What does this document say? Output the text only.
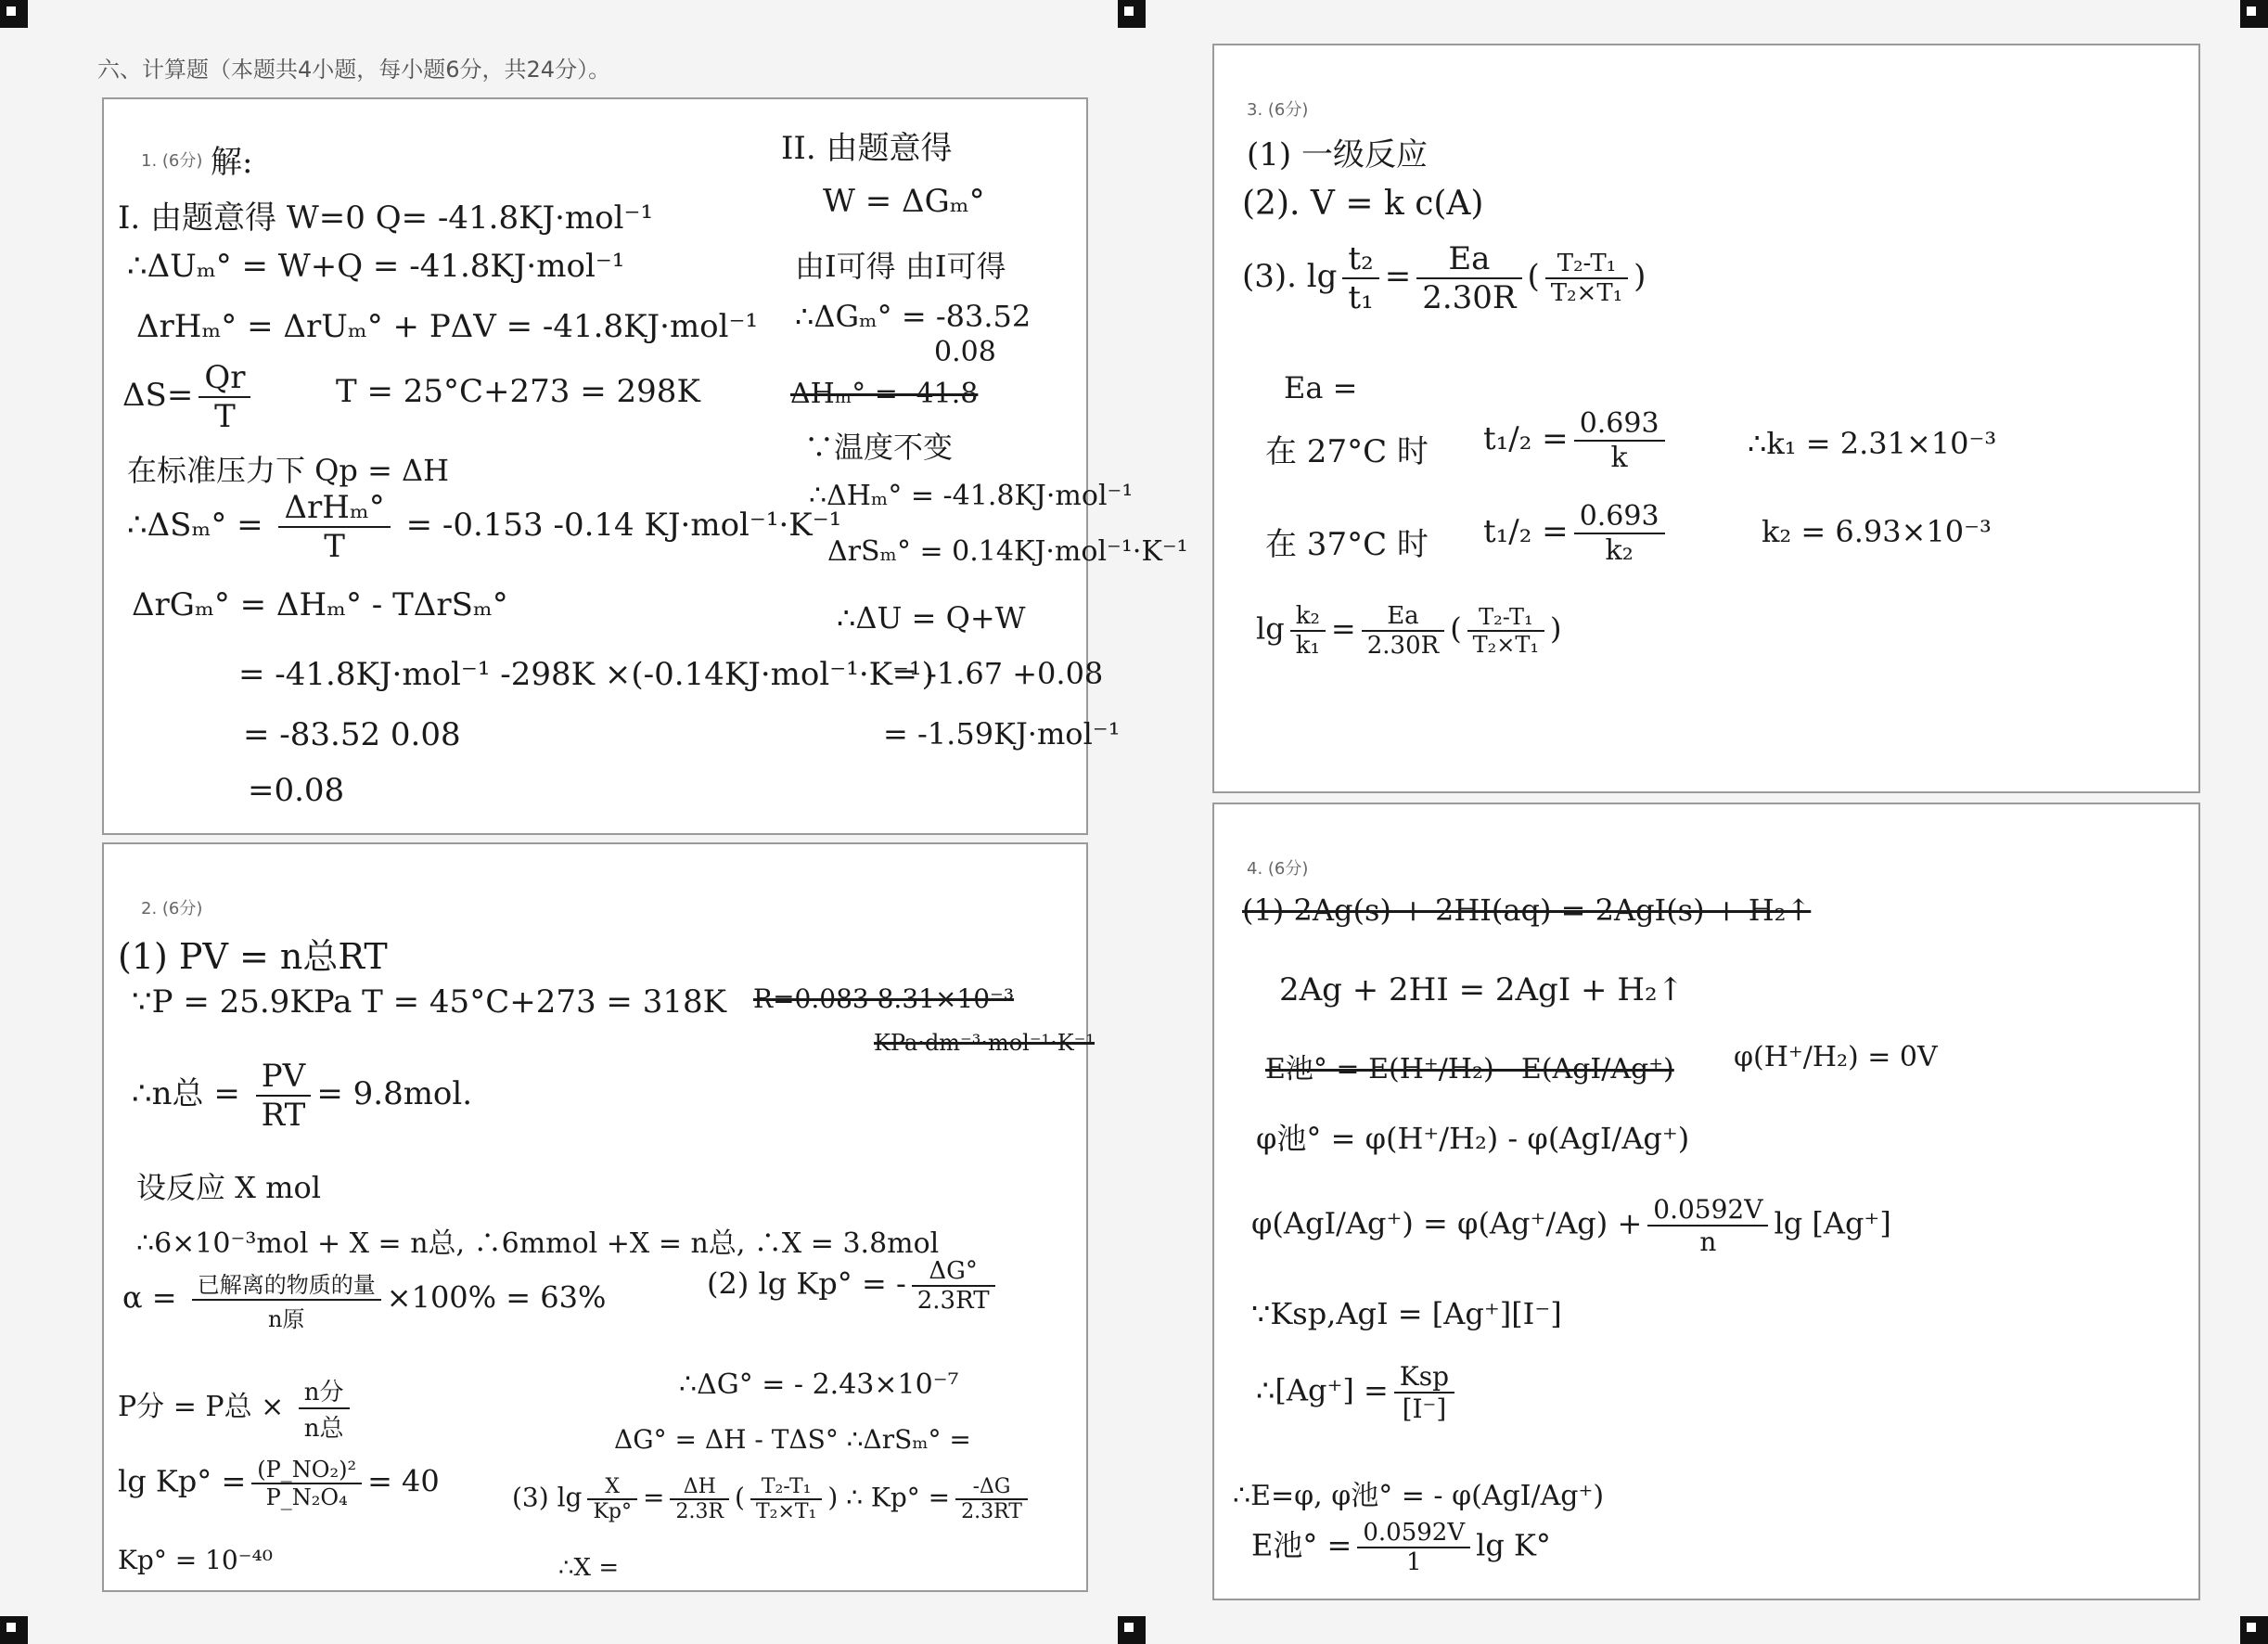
六、计算题（本题共4小题，每小题6分，共24分）。
1. (6分) 解:
I. 由题意得 W=0 Q= -41.8KJ·mol⁻¹
∴ΔUₘ° = W+Q = -41.8KJ·mol⁻¹
ΔrHₘ° = ΔrUₘ° + PΔV = -41.8KJ·mol⁻¹
$\Delta S= \frac{Qr}{T}$	T = 25°C+273 = 298K
在标准压力下 Qp = ΔH
∴ΔSₘ° = $\frac{\text{ΔrHₘ°}}{T} = -0.153$ -0.14 KJ·mol⁻¹·K⁻¹
ΔrGₘ° = ΔHₘ° - TΔrSₘ°
= -41.8KJ·mol⁻¹ -298K ×(-0.14KJ·mol⁻¹·K⁻¹)
= -83.52 0.08
=0.08
II. 由题意得
W = ΔGₘ°
由I可得 由I可得
∴ΔGₘ° = -83.52
0.08
ΔHₘ° = -41.8
∵温度不变
∴ΔHₘ° = -41.8KJ·mol⁻¹
ΔrSₘ° = 0.14KJ·mol⁻¹·K⁻¹
∴ΔU = Q+W
= -1.67 +0.08
= -1.59KJ·mol⁻¹
2. (6分)
(1) PV = n总RT
∵P = 25.9KPa T = 45°C+273 = 318K R=0.083 8.31×10⁻³
KPa·dm⁻³·mol⁻¹·K⁻¹
∴n总 = $\frac{PV}{RT} = 9.8mol$.
设反应 X mol
∴6×10⁻³mol + X = n总, ∴6mmol +X = n总, ∴X = 3.8mol
$\alpha = \frac{\text{已解离的物质的量}}{\text{n原}} \times 100\% = 63\%$	(2) lg Kp° = - $\frac{\Delta G^\circ}{2.3RT}$
∴ΔG° = - 2.43×10⁻⁷
ΔG° = ΔH - TΔS° ∴ΔrSₘ° =
P分 = P总 × $\frac{\text{n分}}{\text{n总}}$
$\lg Kp^\circ = \frac{\text{(P\_NO₂)²}}{\text{P\_N₂O₄}} = 40$	(3) $\lg \frac{X}{Kp^\circ} = \frac{\Delta H}{2.3R}$ ( $\frac{\text{T₂-T₁}}{\text{T₂×T₁}}$ ) ∴ $Kp^\circ = \frac{-\Delta G}{2.3RT}$
Kp° = 10⁻⁴⁰	∴X =
3. (6分)
(1) 一级反应
(2). V = k c(A)
(3). $\lg \frac{\text{t₂}}{\text{t₁}} = \frac{Ea}{2.30R}$ ( $\frac{\text{T₂-T₁}}{\text{T₂×T₁}}$ )
Ea =
在 27°C 时 $t_1/_2 = \frac{0.693}{k}$	∴k₁ = 2.31×10⁻³
在 37°C 时 $t_1/_2 = \frac{0.693}{\text{k₂}}$	k₂ = 6.93×10⁻³
$\lg \frac{\text{k₂}}{\text{k₁}} = \frac{Ea}{2.30R}$ ( $\frac{\text{T₂-T₁}}{\text{T₂×T₁}}$ )
4. (6分)
(1) 2Ag(s) + 2HI(aq) = 2AgI(s) + H₂↑
2Ag + 2HI = 2AgI + H₂↑
E池° = E(H⁺/H₂) - E(AgI/Ag⁺) φ(H⁺/H₂) = 0V
φ池° = φ(H⁺/H₂) - φ(AgI/Ag⁺)
$\varphi(AgI/Ag^+) = \varphi(Ag^+/Ag) + \frac{0.0592V}{n}$ lg [Ag⁺]
∵Ksp,AgI = [Ag⁺][I⁻]
∴[Ag⁺] = $\frac{\text{Ksp}}{[I^-]}$
∴E=φ, φ池° = - φ(AgI/Ag⁺)
E池° = $\frac{0.0592V}{1}$ lg K°
